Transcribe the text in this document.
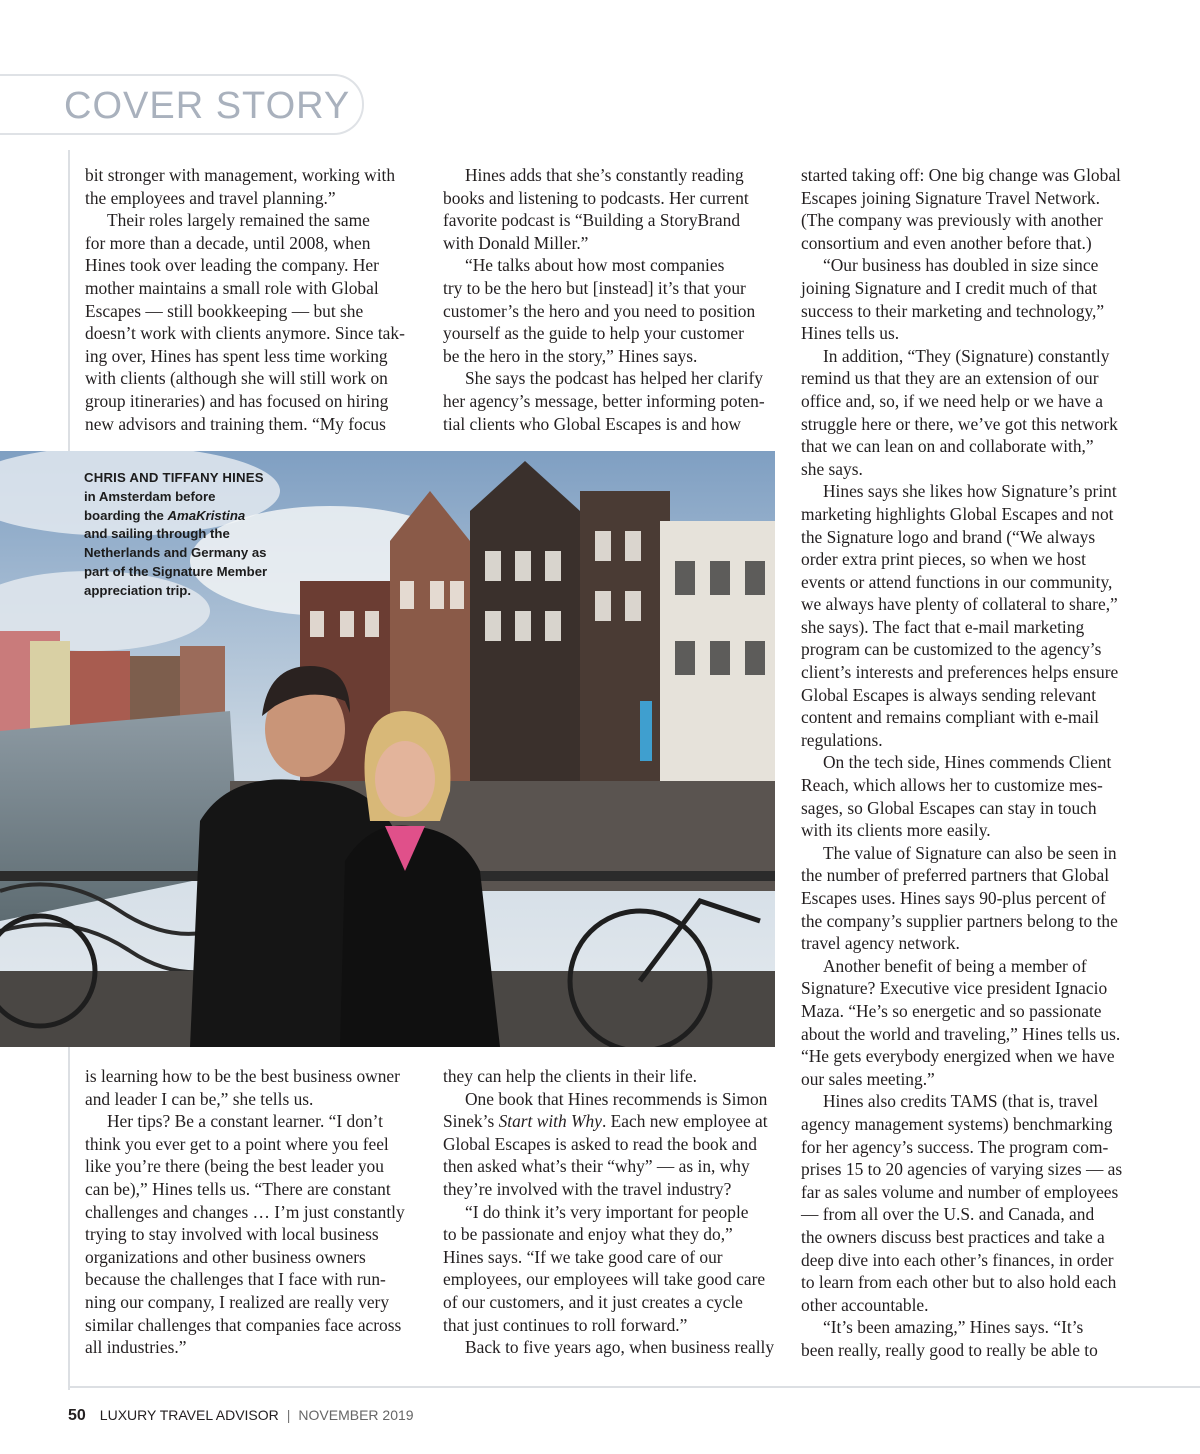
COVER STORY

bit stronger with management, working with

the employees and travel planning.”

Their roles largely remained the same

for more than a decade, until 2008, when

Hines took over leading the company. Her

mother maintains a small role with Global

Escapes — still bookkeeping — but she

doesn’t work with clients anymore. Since tak-

ing over, Hines has spent less time working

with clients (although she will still work on

group itineraries) and has focused on hiring

new advisors and training them. “My focus

Hines adds that she’s constantly reading

books and listening to podcasts. Her current

favorite podcast is “Building a StoryBrand

with Donald Miller.”

“He talks about how most companies

try to be the hero but [instead] it’s that your

customer’s the hero and you need to position

yourself as the guide to help your customer

be the hero in the story,” Hines says.

She says the podcast has helped her clarify

her agency’s message, better informing poten-

tial clients who Global Escapes is and how

started taking off: One big change was Global

Escapes joining Signature Travel Network.

(The company was previously with another

consortium and even another before that.)

“Our business has doubled in size since

joining Signature and I credit much of that

success to their marketing and technology,”

Hines tells us.

In addition, “They (Signature) constantly

remind us that they are an extension of our

office and, so, if we need help or we have a

struggle here or there, we’ve got this network

that we can lean on and collaborate with,”

she says.

Hines says she likes how Signature’s print

marketing highlights Global Escapes and not

the Signature logo and brand (“We always

order extra print pieces, so when we host

events or attend functions in our community,

we always have plenty of collateral to share,”

she says). The fact that e-mail marketing

program can be customized to the agency’s

client’s interests and preferences helps ensure

Global Escapes is always sending relevant

content and remains compliant with e-mail

regulations.

On the tech side, Hines commends Client

Reach, which allows her to customize mes-

sages, so Global Escapes can stay in touch

with its clients more easily.

The value of Signature can also be seen in

the number of preferred partners that Global

Escapes uses. Hines says 90-plus percent of

the company’s supplier partners belong to the

travel agency network.

Another benefit of being a member of

Signature? Executive vice president Ignacio

Maza. “He’s so energetic and so passionate

about the world and traveling,” Hines tells us.

“He gets everybody energized when we have

our sales meeting.”

Hines also credits TAMS (that is, travel

agency management systems) benchmarking

for her agency’s success. The program com-

prises 15 to 20 agencies of varying sizes — as

far as sales volume and number of employees

— from all over the U.S. and Canada, and

the owners discuss best practices and take a

deep dive into each other’s finances, in order

to learn from each other but to also hold each

other accountable.

“It’s been amazing,” Hines says. “It’s

been really, really good to really be able to

is learning how to be the best business owner

and leader I can be,” she tells us.

Her tips? Be a constant learner. “I don’t

think you ever get to a point where you feel

like you’re there (being the best leader you

can be),” Hines tells us. “There are constant

challenges and changes … I’m just constantly

trying to stay involved with local business

organizations and other business owners

because the challenges that I face with run-

ning our company, I realized are really very

similar challenges that companies face across

all industries.”

they can help the clients in their life.

One book that Hines recommends is Simon

Sinek’s Start with Why. Each new employee at

Global Escapes is asked to read the book and

then asked what’s their “why” — as in, why

they’re involved with the travel industry?

“I do think it’s very important for people

to be passionate and enjoy what they do,”

Hines says. “If we take good care of our

employees, our employees will take good care

of our customers, and it just creates a cycle

that just continues to roll forward.”

Back to five years ago, when business really

CHRIS AND TIFFANY HINES

in Amsterdam before

boarding the AmaKristina

and sailing through the

Netherlands and Germany as

part of the Signature Member

appreciation trip.

50 LUXURY TRAVEL ADVISOR | NOVEMBER 2019
